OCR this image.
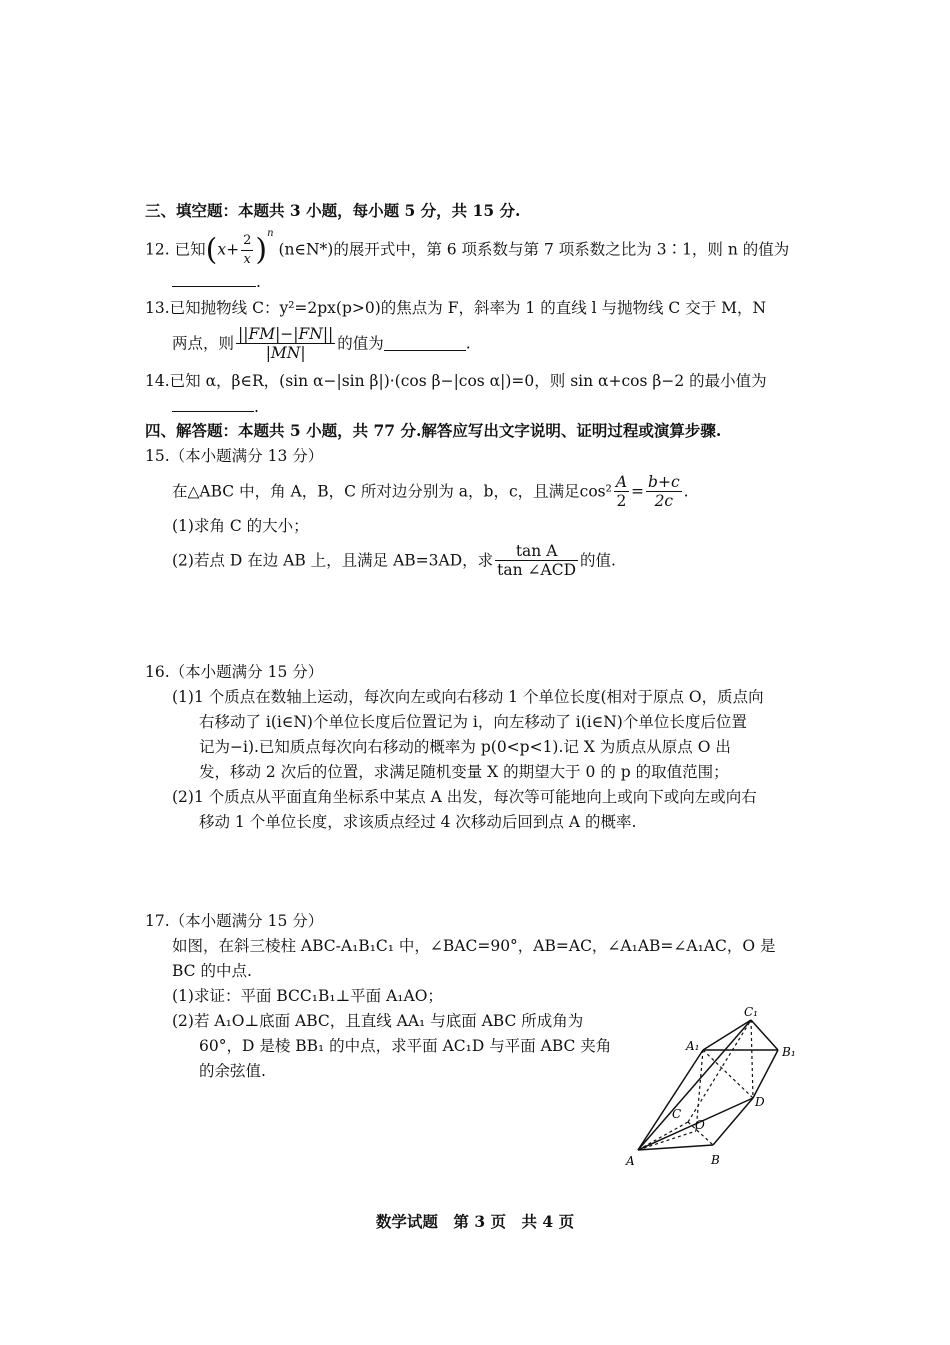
三、填空题：本题共 3 小题，每小题 5 分，共 15 分.
12. 已知$(x+ \frac{2}{x} )^n$ (n∈N*)的展开式中，第 6 项系数与第 7 项系数之比为 3∶1，则 n 的值为
.
13.已知抛物线 C：y²=2px(p>0)的焦点为 F，斜率为 1 的直线 l 与抛物线 C 交于 M，N
两点，则 $\frac{||FM|-|FN||}{|MN|}$ 的值为	.
14.已知 α，β∈R，(sin α−|sin β|)·(cos β−|cos α|)=0，则 sin α+cos β−2 的最小值为
.
四、解答题：本题共 5 小题，共 77 分.解答应写出文字说明、证明过程或演算步骤.
15.（本小题满分 13 分）
在△ABC 中，角 A，B，C 所对边分别为 a，b，c，且满足$\cos^2 \frac{A}{2} = \frac{b+c}{2c}$ .
(1)求角 C 的大小；
(2)若点 D 在边 AB 上，且满足 AB=3AD，求 $\frac{\text{tan A}}{\text{tan ∠ACD}}$ 的值.
16.（本小题满分 15 分）
(1)1 个质点在数轴上运动，每次向左或向右移动 1 个单位长度(相对于原点 O，质点向
右移动了 i(i∈N)个单位长度后位置记为 i，向左移动了 i(i∈N)个单位长度后位置
记为−i).已知质点每次向右移动的概率为 p(0<p<1).记 X 为质点从原点 O 出
发，移动 2 次后的位置，求满足随机变量 X 的期望大于 0 的 p 的取值范围；
(2)1 个质点从平面直角坐标系中某点 A 出发，每次等可能地向上或向下或向左或向右
移动 1 个单位长度，求该质点经过 4 次移动后回到点 A 的概率.
17.（本小题满分 15 分）
如图，在斜三棱柱 ABC-A₁B₁C₁ 中，∠BAC=90°，AB=AC，∠A₁AB=∠A₁AC，O 是
BC 的中点.
(1)求证：平面 BCC₁B₁⊥平面 A₁AO；
(2)若 A₁O⊥底面 ABC，且直线 AA₁ 与底面 ABC 所成角为
60°，D 是棱 BB₁ 的中点，求平面 AC₁D 与平面 ABC 夹角
的余弦值.
A	B
C
A₁	B₁
C₁
D
O
数学试题　第 3 页　共 4 页
